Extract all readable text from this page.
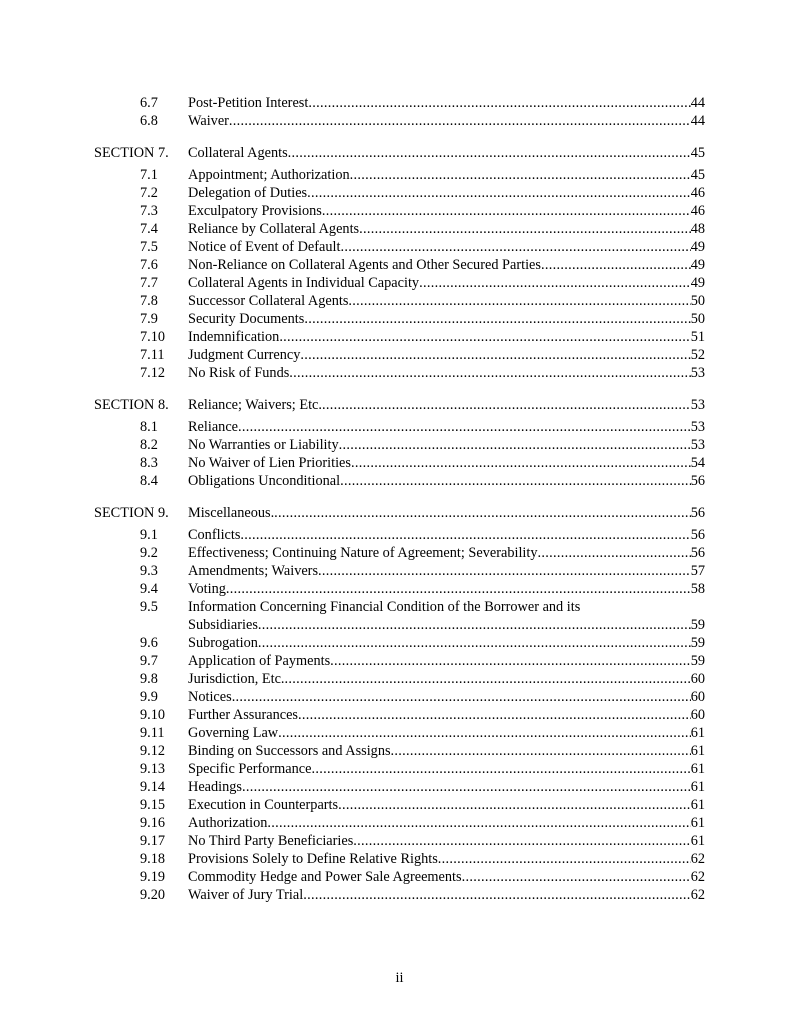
6.7 Post-Petition Interest .....	44
6.8 Waiver .....	44
SECTION 7. Collateral Agents .....	45
7.1 Appointment; Authorization .....	45
7.2 Delegation of Duties .....	46
7.3 Exculpatory Provisions .....	46
7.4 Reliance by Collateral Agents .....	48
7.5 Notice of Event of Default .....	49
7.6 Non-Reliance on Collateral Agents and Other Secured Parties .....	49
7.7 Collateral Agents in Individual Capacity .....	49
7.8 Successor Collateral Agents .....	50
7.9 Security Documents .....	50
7.10 Indemnification .....	51
7.11 Judgment Currency .....	52
7.12 No Risk of Funds .....	53
SECTION 8. Reliance; Waivers; Etc. .....	53
8.1 Reliance .....	53
8.2 No Warranties or Liability .....	53
8.3 No Waiver of Lien Priorities .....	54
8.4 Obligations Unconditional .....	56
SECTION 9. Miscellaneous. .....	56
9.1 Conflicts .....	56
9.2 Effectiveness; Continuing Nature of Agreement; Severability .....	56
9.3 Amendments; Waivers .....	57
9.4 Voting .....	58
9.5 Information Concerning Financial Condition of the Borrower and its
Subsidiaries .....	59
9.6 Subrogation .....	59
9.7 Application of Payments .....	59
9.8 Jurisdiction, Etc. .....	60
9.9 Notices .....	60
9.10 Further Assurances .....	60
9.11 Governing Law .....	61
9.12 Binding on Successors and Assigns .....	61
9.13 Specific Performance .....	61
9.14 Headings .....	61
9.15 Execution in Counterparts .....	61
9.16 Authorization .....	61
9.17 No Third Party Beneficiaries .....	61
9.18 Provisions Solely to Define Relative Rights .....	62
9.19 Commodity Hedge and Power Sale Agreements .....	62
9.20 Waiver of Jury Trial .....	62
ii
